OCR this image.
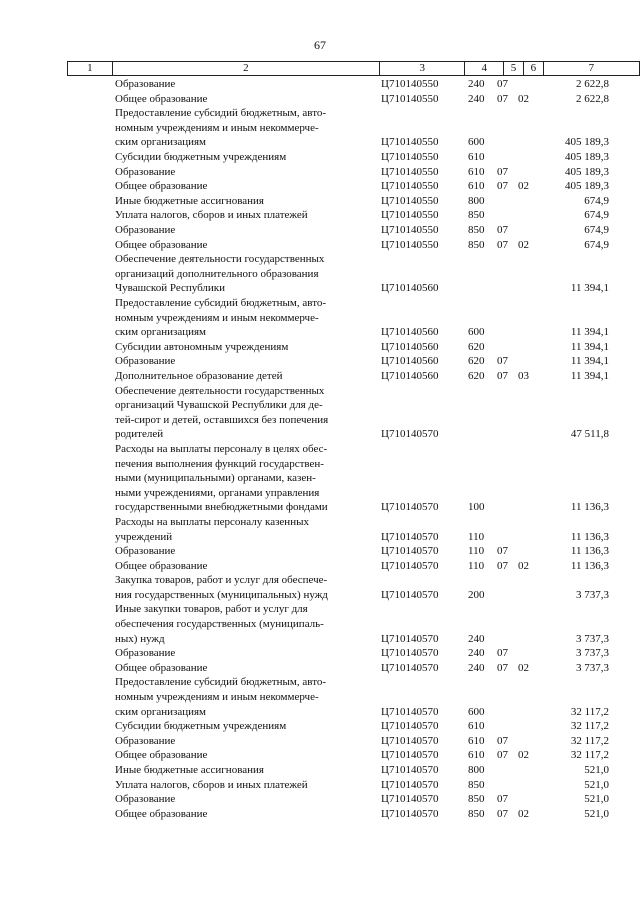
67
1	2	3	4	5	6	7
Образование	Ц710140550	240 07	2 622,8
Общее образование	Ц710140550	240 07 02	2 622,8
Предоставление субсидий бюджетным, авто-
номным учреждениям и иным некоммерче-
ским организациям	Ц710140550	600	405 189,3
Субсидии бюджетным учреждениям	Ц710140550	610	405 189,3
Образование	Ц710140550	610 07	405 189,3
Общее образование	Ц710140550	610 07 02	405 189,3
Иные бюджетные ассигнования	Ц710140550	800	674,9
Уплата налогов, сборов и иных платежей	Ц710140550	850	674,9
Образование	Ц710140550	850 07	674,9
Общее образование	Ц710140550	850 07 02	674,9
Обеспечение деятельности государственных
организаций дополнительного образования
Чувашской Республики	Ц710140560	11 394,1
Предоставление субсидий бюджетным, авто-
номным учреждениям и иным некоммерче-
ским организациям	Ц710140560	600	11 394,1
Субсидии автономным учреждениям	Ц710140560	620	11 394,1
Образование	Ц710140560	620 07	11 394,1
Дополнительное образование детей	Ц710140560	620 07 03	11 394,1
Обеспечение деятельности государственных
организаций Чувашской Республики для де-
тей-сирот и детей, оставшихся без попечения
родителей	Ц710140570	47 511,8
Расходы на выплаты персоналу в целях обес-
печения выполнения функций государствен-
ными (муниципальными) органами, казен-
ными учреждениями, органами управления
государственными внебюджетными фондами	Ц710140570	100	11 136,3
Расходы на выплаты персоналу казенных
учреждений	Ц710140570	110	11 136,3
Образование	Ц710140570	110 07	11 136,3
Общее образование	Ц710140570	110 07 02	11 136,3
Закупка товаров, работ и услуг для обеспече-
ния государственных (муниципальных) нужд	Ц710140570	200	3 737,3
Иные закупки товаров, работ и услуг для
обеспечения государственных (муниципаль-
ных) нужд	Ц710140570	240	3 737,3
Образование	Ц710140570	240 07	3 737,3
Общее образование	Ц710140570	240 07 02	3 737,3
Предоставление субсидий бюджетным, авто-
номным учреждениям и иным некоммерче-
ским организациям	Ц710140570	600	32 117,2
Субсидии бюджетным учреждениям	Ц710140570	610	32 117,2
Образование	Ц710140570	610 07	32 117,2
Общее образование	Ц710140570	610 07 02	32 117,2
Иные бюджетные ассигнования	Ц710140570	800	521,0
Уплата налогов, сборов и иных платежей	Ц710140570	850	521,0
Образование	Ц710140570	850 07	521,0
Общее образование	Ц710140570	850 07 02	521,0
